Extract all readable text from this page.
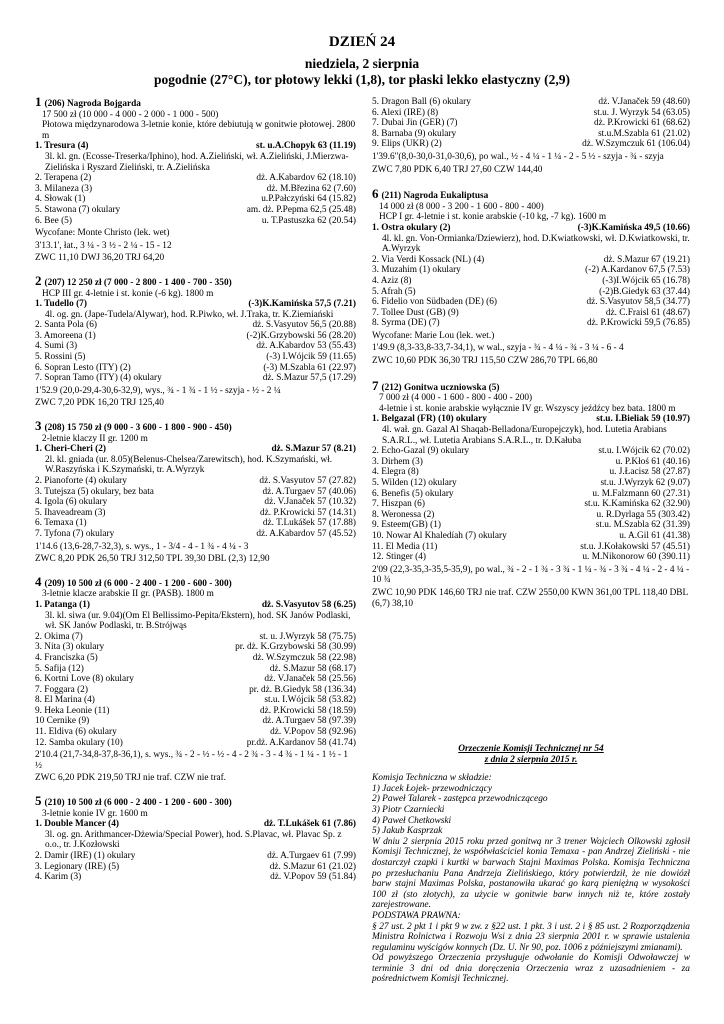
DZIEŃ 24
niedziela, 2 sierpnia
pogodnie (27°C), tor płotowy lekki (1,8), tor płaski lekko elastyczny (2,9)
1 (206) Nagroda Bojgarda
17 500 zł (10 000 - 4 000 - 2 000 - 1 000 - 500)
Płotowa międzynarodowa 3-letnie konie, które debiutują w gonitwie płotowej. 2800 m
1. Tresura (4)	st. u.A.Chopyk 63 (11.19)
3l. kl. gn. (Ecosse-Treserka/Iphino), hod. A.Zieliński, wł. A.Zieliński, J.Mierzwa-Zielińska i Ryszard Zieliński, tr. A.Zielińska
2. Terapena (2)	dż. A.Kabardov 62 (18.10)
3. Milaneza (3)	dż. M.Březina 62 (7.60)
4. Słowak (1)	u.P.Pałczyński 64 (15.82)
5. Stawona (7) okulary	am. dż. P.Pepma 62,5 (25.48)
6. Bee (5)	u. T.Pastuszka 62 (20.54)
Wycofane: Monte Christo (lek. wet)
3'13.1', łat., 3 ¼ - 3 ½ - 2 ¼ - 15 - 12
ZWC 11,10 DWJ 36,20 TRJ 64,20
2 (207) 12 250 zł (7 000 - 2 800 - 1 400 - 700 - 350)
HCP III gr. 4-letnie i st. konie (-6 kg). 1800 m
1. Tudello (7)	(-3)K.Kamińska 57,5 (7.21)
4l. og. gn. (Jape-Tudela/Alywar), hod. R.Piwko, wł. J.Traka, tr. K.Ziemiański
2. Santa Pola (6)	dż. S.Vasyutov 56,5 (20.88)
3. Amoreena (1)	(-2)K.Grzybowski 56 (28.20)
4. Sumi (3)	dż. A.Kabardov 53 (55.43)
5. Rossini (5)	(-3) I.Wójcik 59 (11.65)
6. Sopran Lesto (ITY) (2)	(-3) M.Szabla 61 (22.97)
7. Sopran Tamo (ITY) (4) okulary	dż. S.Mazur 57,5 (17.29)
1'52.9 (20,0-29,4-30,6-32,9), wys., ¾ - 1 ¾ - 1 ½ - szyja - ½ - 2 ¼
ZWC 7,20 PDK 16,20 TRJ 125,40
3 (208) 15 750 zł (9 000 - 3 600 - 1 800 - 900 - 450)
2-letnie klaczy II gr. 1200 m
1. Cheri-Cheri (2)	dż. S.Mazur 57 (8.21)
2l. kl. gniada (ur. 8.05)(Belenus-Chelsea/Zarewitsch), hod. K.Szymański, wł. W.Raszyńska i K.Szymański, tr. A.Wyrzyk
2. Pianoforte (4) okulary	dż. S.Vasyutov 57 (27.82)
3. Tutejsza (5) okulary, bez bata	dż. A.Turgaev 57 (40.06)
4. Igola (6) okulary	dż. V.Janaček 57 (10.32)
5. Ihaveadream (3)	dż. P.Krowicki 57 (14.31)
6. Temaxa (1)	dż. T.Lukášek 57 (17.88)
7. Tyfona (7) okulary	dż. A.Kabardov 57 (45.52)
1'14.6 (13,6-28,7-32,3), s. wys., 1 - 3/4 - 4 - 1 ¾ - 4 ¼ - 3
ZWC 8,20 PDK 26,50 TRJ 312,50 TPL 39,30 DBL (2,3) 12,90
4 (209) 10 500 zł (6 000 - 2 400 - 1 200 - 600 - 300)
3-letnie klacze arabskie II gr. (PASB). 1800 m
1. Patanga (1)	dż. S.Vasyutov 58 (6.25)
3l. kl. siwa (ur. 9.04)(Om El Bellissimo-Pepita/Ekstern), hod. SK Janów Podlaski, wł. SK Janów Podlaski, tr. B.Strójwąs
2. Okima (7)	st. u. J.Wyrzyk 58 (75.75)
3. Nita (3) okulary	pr. dż. K.Grzybowski 58 (30.99)
4. Franciszka (5)	dż. W.Szymczuk 58 (22.98)
5. Safija (12)	dż. S.Mazur 58 (68.17)
6. Kortni Love (8) okulary	dż. V.Janaček 58 (25.56)
7. Foggara (2)	pr. dż. B.Giedyk 58 (136.34)
8. El Marina (4)	st.u. I.Wójcik 58 (53.82)
9. Heka Leonie (11)	dż. P.Krowicki 58 (18.59)
10 Cernike (9)	dż. A.Turgaev 58 (97.39)
11. Eldiva (6) okulary	dż. V.Popov 58 (92.96)
12. Samba okulary (10)	pr.dż. A.Kardanov 58 (41.74)
2'10.4 (21,7-34,8-37,8-36,1), s. wys., ¾ - 2 - ½ - ½ - 4 - 2 ¾ - 3 - 4 ¾ - 1 ¼ - 1 ½ - 1 ½
ZWC 6,20 PDK 219,50 TRJ nie traf. CZW nie traf.
5 (210) 10 500 zł (6 000 - 2 400 - 1 200 - 600 - 300)
3-letnie konie IV gr. 1600 m
1. Double Mancer (4)	dż. T.Lukášek 61 (7.86)
3l. og. gn. Arithmancer-Dżewia/Special Power), hod. S.Plavac, wł. Plavac Sp. z o.o., tr. J.Kozłowski
2. Damir (IRE) (1) okulary	dż. A.Turgaev 61 (7.99)
3. Legionary (IRE) (5)	dż. S.Mazur 61 (21.02)
4. Karim (3)	dż. V.Popov 59 (51.84)
5. Dragon Ball (6) okulary	dż. V.Janaček 59 (48.60)
6. Alexi (IRE) (8)	st.u. J. Wyrzyk 54 (63.05)
7. Dubai Jin (GER) (7)	dż. P.Krowicki 61 (68.62)
8. Barnaba (9) okulary	st.u.M.Szabla 61 (21.02)
9. Elips (UKR) (2)	dż. W.Szymczuk 61 (106.04)
1'39.6"(8,0-30,0-31,0-30,6), po wal., ½ - 4 ¼ - 1 ¼ - 2 - 5 ½ - szyja - ¾ - szyja
ZWC 7,80 PDK 6,40 TRJ 27,60 CZW 144,40
6 (211) Nagroda Eukaliptusa
14 000 zł (8 000 - 3 200 - 1 600 - 800 - 400)
HCP I gr. 4-letnie i st. konie arabskie (-10 kg, -7 kg). 1600 m
1. Ostra okulary (2)	(-3)K.Kamińska 49,5 (10.66)
4l. kl. gn. Von-Ormianka/Dziewierz), hod. D.Kwiatkowski, wł. D.Kwiatkowski, tr. A.Wyrzyk
2. Via Verdi Kossack (NL) (4)	dż. S.Mazur 67 (19.21)
3. Muzahim (1) okulary	(-2) A.Kardanov 67,5 (7.53)
4. Aziz (8)	(-3)I.Wójcik 65 (16.78)
5. Afrah (5)	(-2)B.Giedyk 63 (37.44)
6. Fidelio von Südbaden (DE) (6)	dż. S.Vasyutov 58,5 (34.77)
7. Tollee Dust (GB) (9)	dż. C.Fraisl 61 (48.67)
8. Syrma (DE) (7)	dż. P.Krowicki 59,5 (76.85)
Wycofane: Marie Lou (lek. wet.)
1'49.9 (8,3-33,8-33,7-34,1), w wal., szyja - ¾ - 4 ¼ - ¾ - 3 ¼ - 6 - 4
ZWC 10,60 PDK 36,30 TRJ 115,50 CZW 286,70 TPL 66,80
7 (212) Gonitwa uczniowska (5)
7 000 zł (4 000 - 1 600 - 800 - 400 - 200)
4-letnie i st. konie arabskie wyłącznie IV gr. Wszyscy jeźdźcy bez bata. 1800 m
1. Belgazal (FR) (10) okulary	st.u. I.Bieliak 59 (10.97)
4l. wał. gn. Gazal Al Shaqab-Belladona/Europejczyk), hod. Lutetia Arabians S.A.R.L., wł. Lutetia Arabians S.A.R.L., tr. D.Kałuba
2. Echo-Gazal (9) okulary	st.u. I.Wójcik 62 (70.02)
3. Dirhem (3)	u. P.Kłoś 61 (40.16)
4. Elegra (8)	u. J.Łacisz 58 (27.87)
5. Wilden (12) okulary	st.u. J.Wyrzyk 62 (9.07)
6. Benefis (5) okulary	u. M.Falzmann 60 (27.31)
7. Hiszpan (6)	st.u. K.Kamińska 62 (32.90)
8. Weronessa (2)	u. R.Dyrlaga 55 (303.42)
9. Esteem(GB) (1)	st.u. M.Szabla 62 (31.39)
10. Nowar Al Khaledíah (7) okulary	u. A.Gil 61 (41.38)
11. El Media (11)	st.u. J.Kołakowski 57 (45.51)
12. Stinger (4)	u. M.Nikonorow 60 (390.11)
2'09 (22,3-35,3-35,5-35,9), po wal., ¾ - 2 - 1 ¾ - 3 ¾ - 1 ¼ - ¾ - 3 ¾ - 4 ¼ - 2 - 4 ¼ - 10 ¾
ZWC 10,90 PDK 146,60 TRJ nie traf. CZW 2550,00 KWN 361,00 TPL 118,40 DBL (6,7) 38,10
Orzeczenie Komisji Technicznej nr 54
z dnia 2 sierpnia 2015 r.
Komisja Techniczna w składzie:
1) Jacek Łojek- przewodniczący
2) Paweł Talarek - zastępca przewodniczącego
3) Piotr Czarniecki
4) Paweł Chetkowski
5) Jakub Kasprzak

W dniu 2 sierpnia 2015 roku przed gonitwą nr 3 trener Wojciech Olkowski zgłosił Komisji Technicznej, że współwłaściciel konia Temaxa - pan Andrzej Zieliński - nie dostarczył czapki i kurtki w barwach Stajni Maximas Polska. Komisja Techniczna po przesłuchaniu Pana Andrzeja Zielińskiego, który potwierdził, że nie dowiózł barw stajni Maximas Polska, postanowiła ukarać go karą pieniężną w wysokości 100 zł (sto złotych), za użycie w gonitwie barw innych niż te, które zostały zarejestrowane.

PODSTAWA PRAWNA:

§ 27 ust. 2 pkt 1 i pkt 9 w zw. z §22 ust. 1 pkt. 3 i ust. 2 i § 85 ust. 2 Rozporządzenia Ministra Rolnictwa i Rozwoju Wsi z dnia 23 sierpnia 2001 r. w sprawie ustalenia regulaminu wyścigów konnych (Dz. U. Nr 90, poz. 1006 z późniejszymi zmianami).

Od powyższego Orzeczenia przysługuje odwołanie do Komisji Odwoławczej w terminie 3 dni od dnia doręczenia Orzeczenia wraz z uzasadnieniem - za pośrednictwem Komisji Technicznej.
